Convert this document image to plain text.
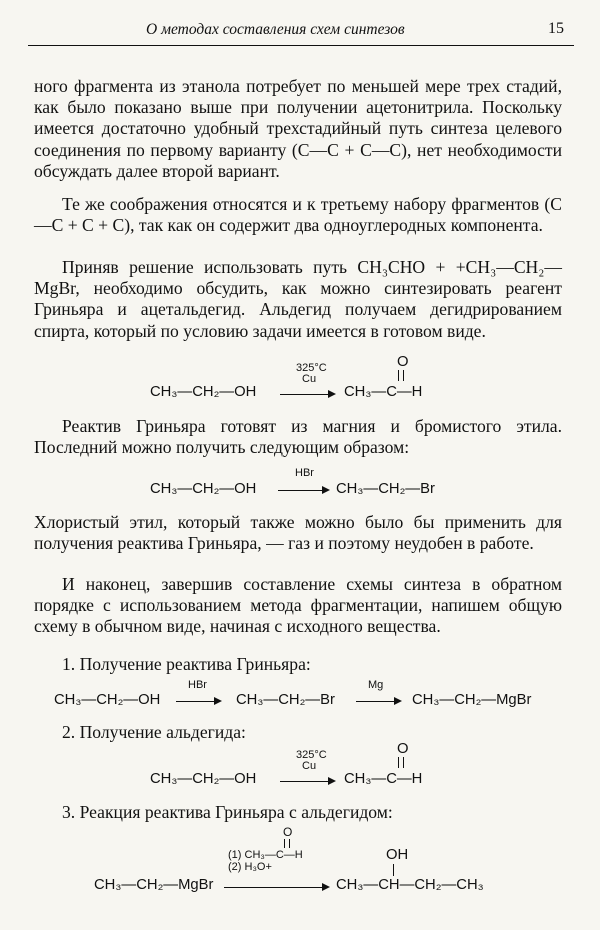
О методах составления схем синтезов	15

ного фрагмента из этанола потребует по меньшей мере трех стадий, как было показано выше при получении ацетонитрила. Поскольку имеется достаточно удобный трехстадийный путь синтеза целевого соединения по первому варианту (С—С + С—С), нет необходимости обсуждать далее второй вариант.

Те же соображения относятся и к третьему набору фрагментов (С—С + С + С), так как он содержит два одноуглеродных компонента.

Приняв решение использовать путь CH₃CHO + +CH₃—CH₂—MgBr, необходимо обсудить, как можно синтезировать реагент Гриньяра и ацетальдегид. Альдегид получаем дегидрированием спирта, который по условию задачи имеется в готовом виде.

CH₃—CH₂—OH
325°C
Cu
CH₃—C—H
O

Реактив Гриньяра готовят из магния и бромистого этила. Последний можно получить следующим образом:

CH₃—CH₂—OH
HBr
CH₃—CH₂—Br

Хлористый этил, который также можно было бы применить для получения реактива Гриньяра, — газ и поэтому неудобен в работе.

И наконец, завершив составление схемы синтеза в обратном порядке с использованием метода фрагментации, напишем общую схему в обычном виде, начиная с исходного вещества.

1. Получение реактива Гриньяра:

CH₃—CH₂—OH
HBr
CH₃—CH₂—Br
Mg
CH₃—CH₂—MgBr

2. Получение альдегида:

CH₃—CH₂—OH
325°C
Cu
CH₃—C—H
O

3. Реакция реактива Гриньяра с альдегидом:

CH₃—CH₂—MgBr
O
(1) CH₃—C—H
(2) H₃O+
CH₃—CH—CH₂—CH₃
OH
